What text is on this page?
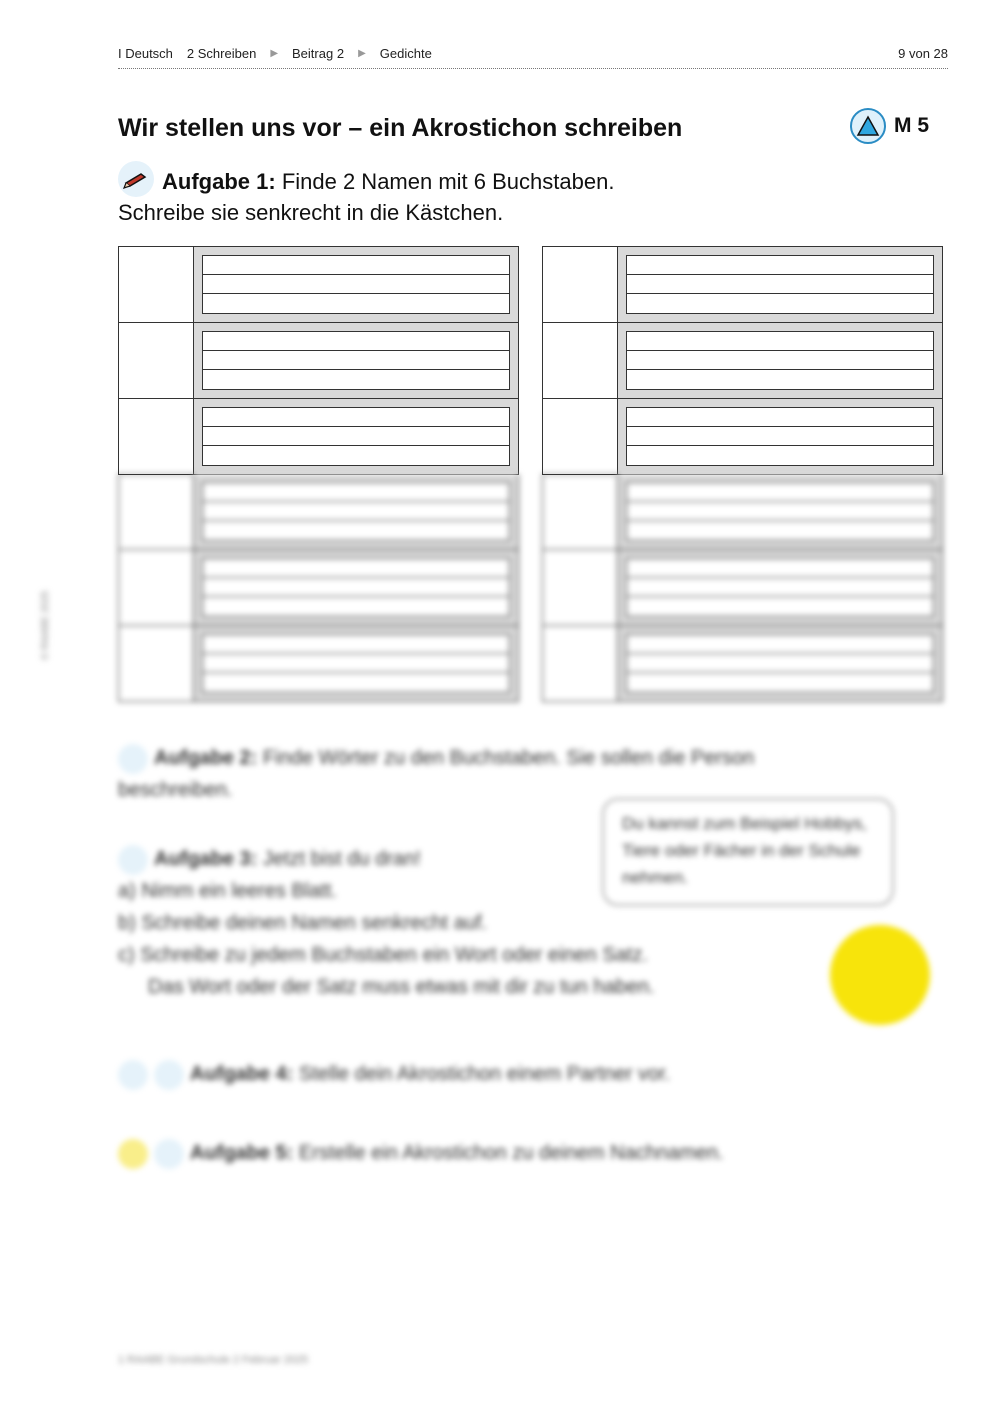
I Deutsch 2 Schreiben ▶ Beitrag 2 ▶ Gedichte	9 von 28
Wir stellen uns vor – ein Akrostichon schreiben	M 5
Aufgabe 1: Finde 2 Namen mit 6 Buchstaben.
Schreibe sie senkrecht in die Kästchen.
© RAABE 2025
Aufgabe 2: Finde Wörter zu den Buchstaben. Sie sollen die Person
beschreiben.
Aufgabe 3: Jetzt bist du dran!
a) Nimm ein leeres Blatt.
b) Schreibe deinen Namen senkrecht auf.
c) Schreibe zu jedem Buchstaben ein Wort oder einen Satz.
Das Wort oder der Satz muss etwas mit dir zu tun haben.
Du kannst zum Beispiel Hobbys, Tiere oder Fächer in der Schule nehmen.
Aufgabe 4: Stelle dein Akrostichon einem Partner vor.
Aufgabe 5: Erstelle ein Akrostichon zu deinem Nachnamen.
1 RAABE Grundschule 2 Februar 2025
